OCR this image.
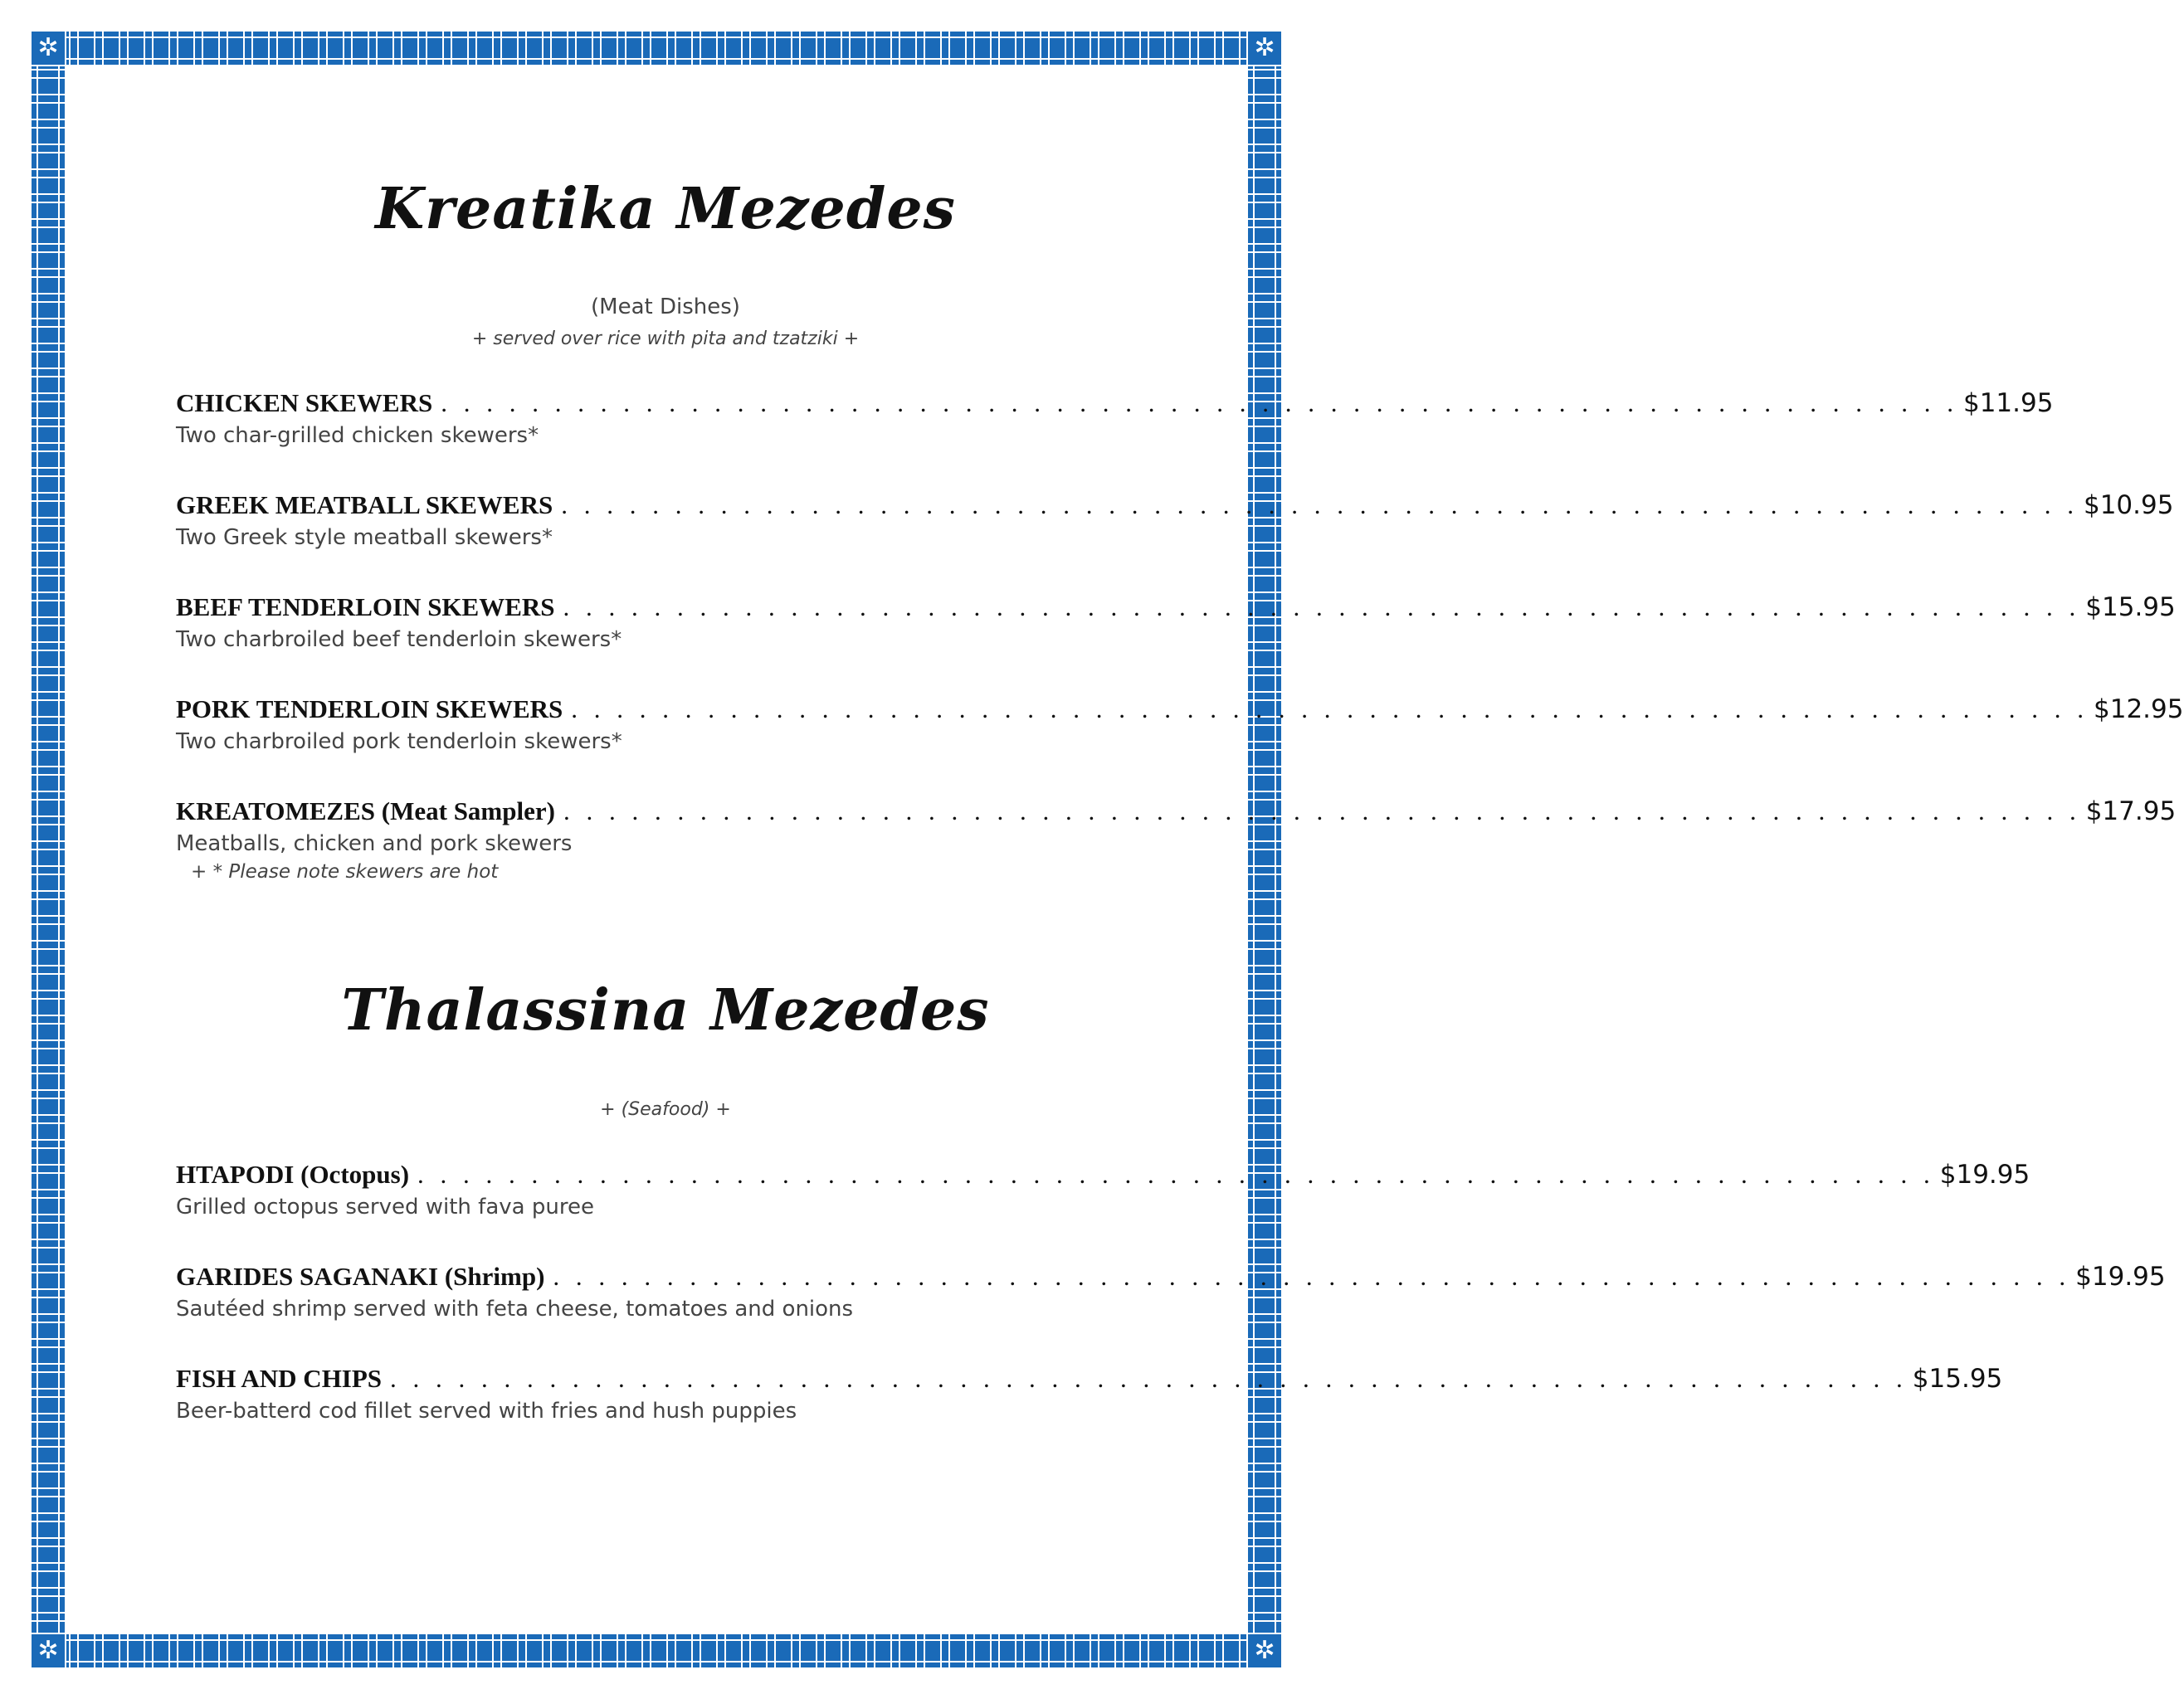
✲	✲
✲	✲
Kreatika Mezedes
(Meat Dishes)
+ served over rice with pita and tzatziki +
CHICKEN SKEWERS . . . . . . . . . . . . . . . . . . . . . . . . . . . . . . . . . . . . . . . . . . . . . . . . . . . . . . . . . . . . . . . . . . . $11.95
Two char-grilled chicken skewers*
GREEK MEATBALL SKEWERS . . . . . . . . . . . . . . . . . . . . . . . . . . . . . . . . . . . . . . . . . . . . . . . . . . . . . . . . . . . . . . . . . . . $10.95
Two Greek style meatball skewers*
BEEF TENDERLOIN SKEWERS . . . . . . . . . . . . . . . . . . . . . . . . . . . . . . . . . . . . . . . . . . . . . . . . . . . . . . . . . . . . . . . . . . . $15.95
Two charbroiled beef tenderloin skewers*
PORK TENDERLOIN SKEWERS . . . . . . . . . . . . . . . . . . . . . . . . . . . . . . . . . . . . . . . . . . . . . . . . . . . . . . . . . . . . . . . . . . . $12.95
Two charbroiled pork tenderloin skewers*
KREATOMEZES (Meat Sampler) . . . . . . . . . . . . . . . . . . . . . . . . . . . . . . . . . . . . . . . . . . . . . . . . . . . . . . . . . . . . . . . . . . . $17.95
Meatballs, chicken and pork skewers
+ * Please note skewers are hot
Thalassina Mezedes
+ (Seafood) +
HTAPODI (Octopus) . . . . . . . . . . . . . . . . . . . . . . . . . . . . . . . . . . . . . . . . . . . . . . . . . . . . . . . . . . . . . . . . . . . $19.95
Grilled octopus served with fava puree
GARIDES SAGANAKI (Shrimp) . . . . . . . . . . . . . . . . . . . . . . . . . . . . . . . . . . . . . . . . . . . . . . . . . . . . . . . . . . . . . . . . . . . $19.95
Sautéed shrimp served with feta cheese, tomatoes and onions
FISH AND CHIPS . . . . . . . . . . . . . . . . . . . . . . . . . . . . . . . . . . . . . . . . . . . . . . . . . . . . . . . . . . . . . . . . . . . $15.95
Beer-batterd cod fillet served with fries and hush puppies
